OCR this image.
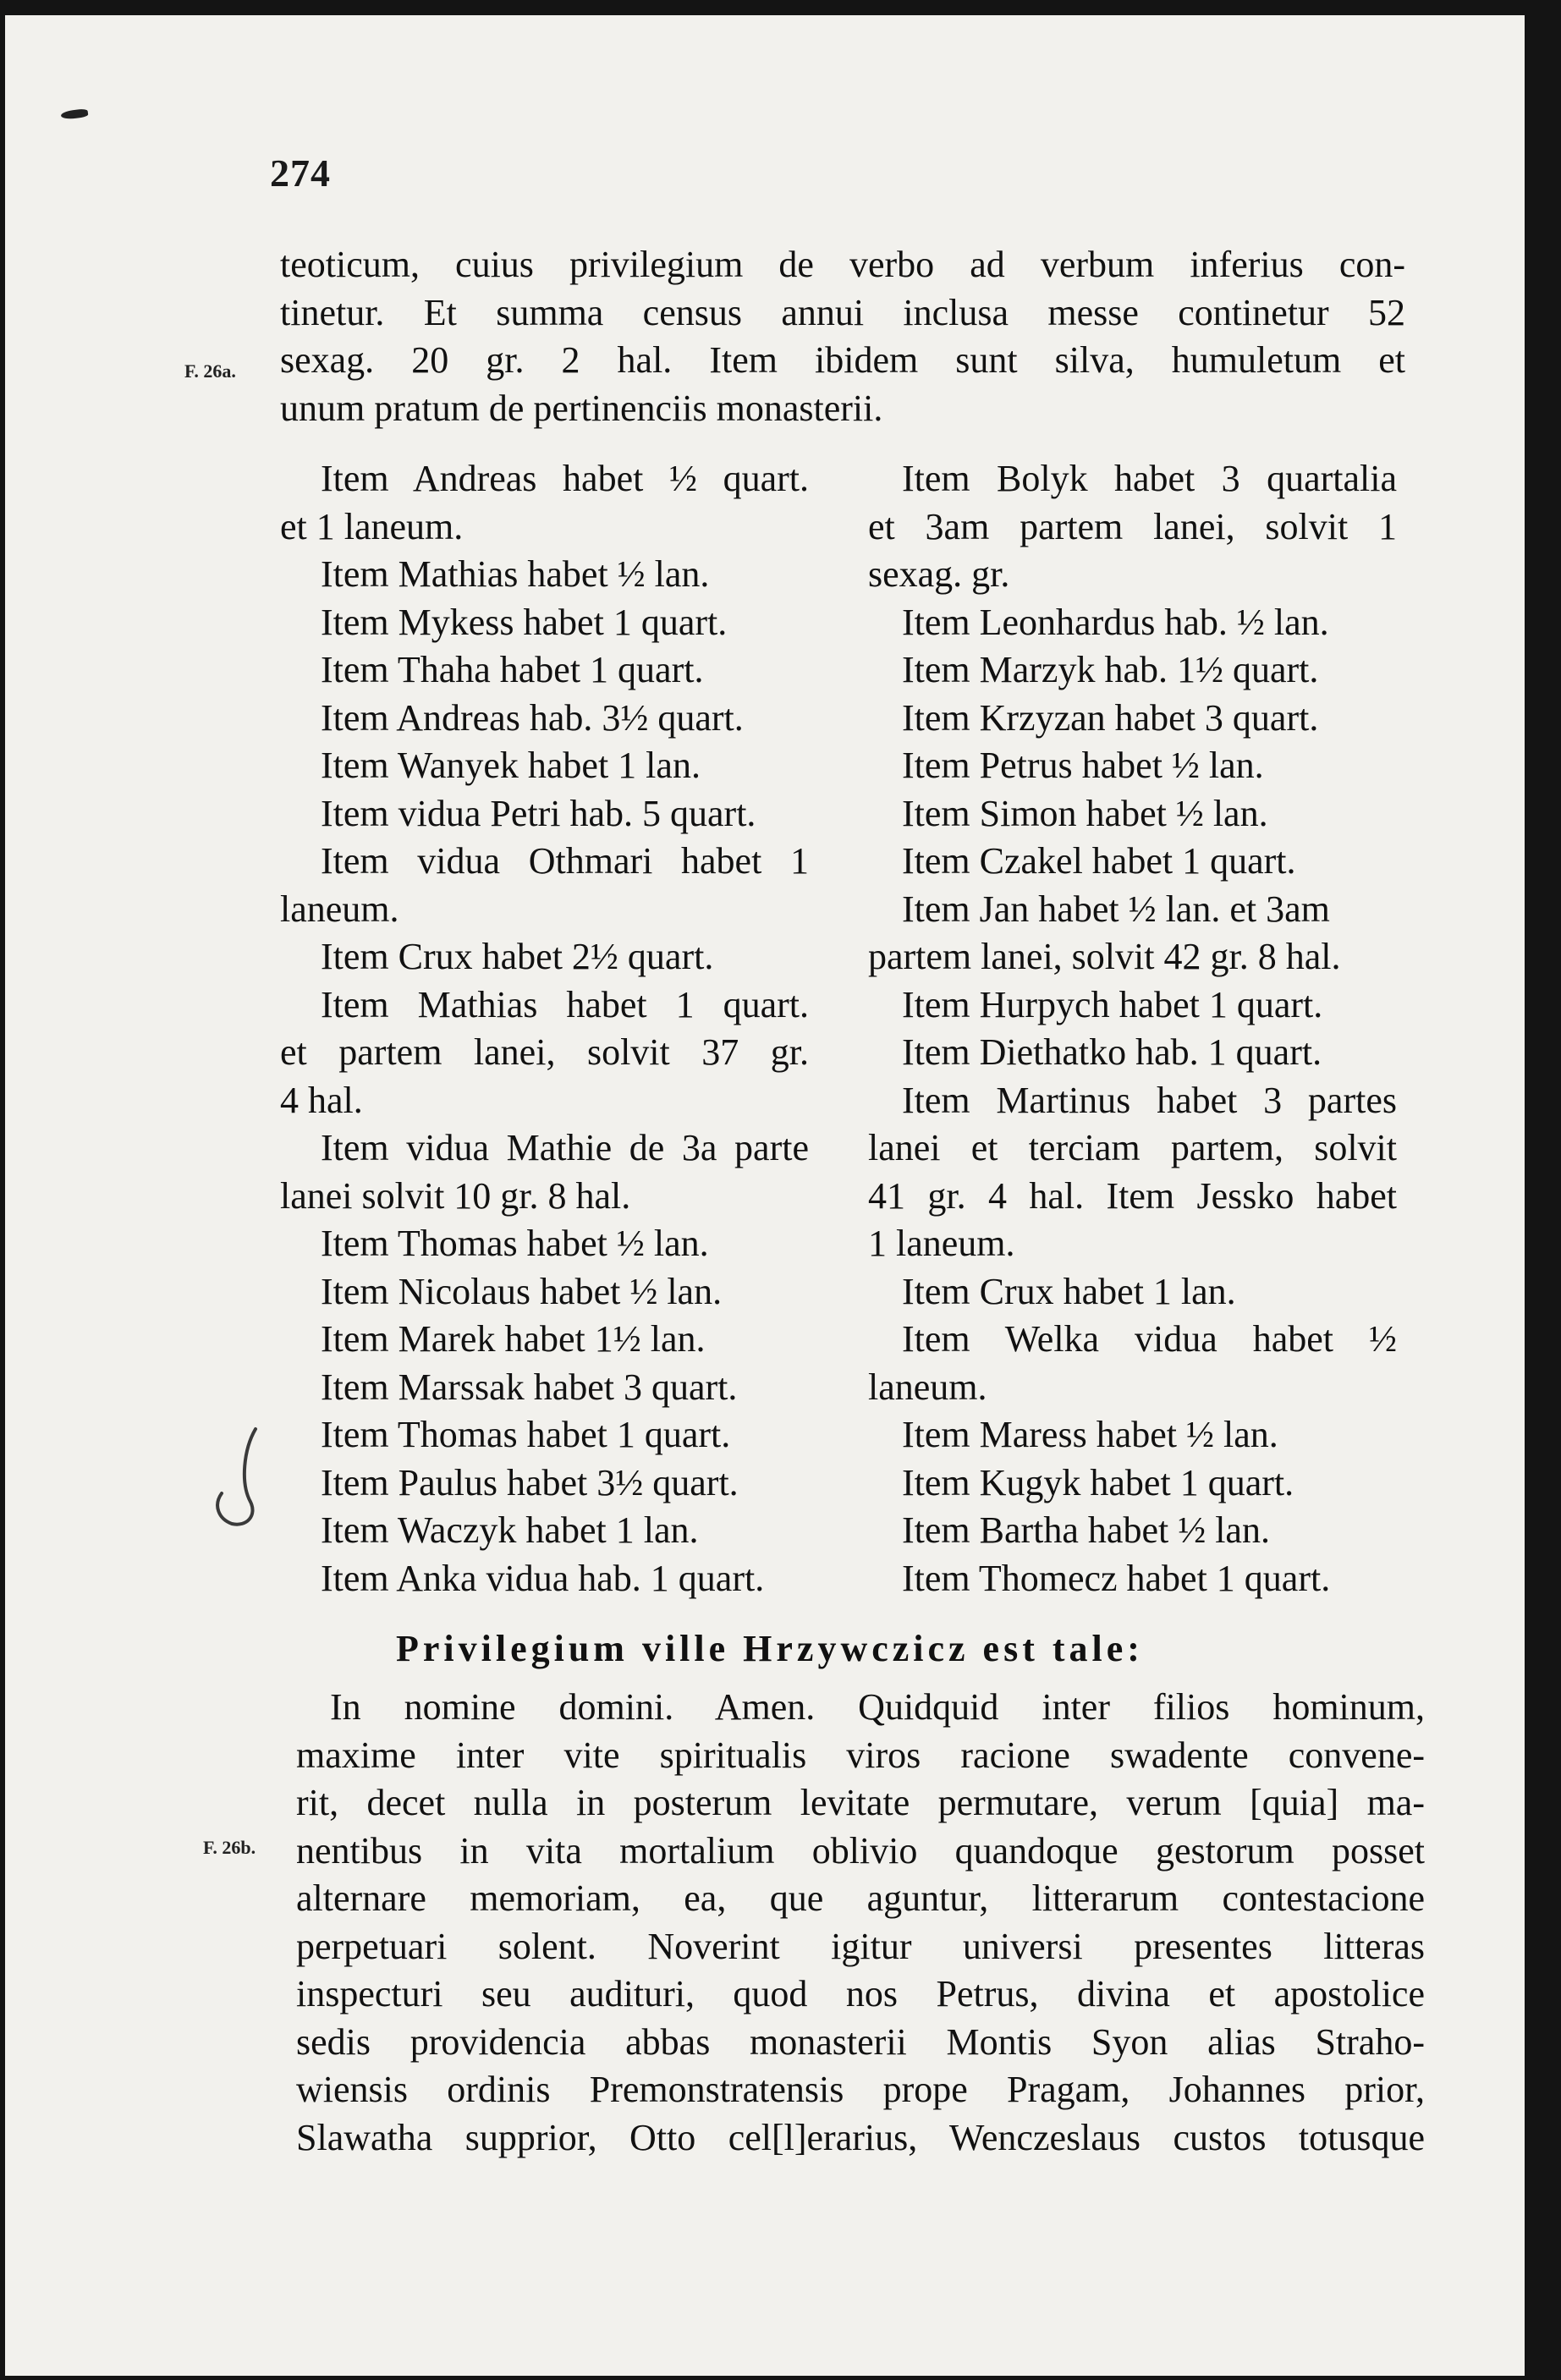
274
F. 26a.
F. 26b.
teoticum, cuius privilegium de verbo ad verbum inferius con-
tinetur. Et summa census annui inclusa messe continetur 52
sexag. 20 gr. 2 hal. Item ibidem sunt silva, humuletum et
unum pratum de pertinenciis monasterii.
Item Andreas habet ½ quart.
et 1 laneum.
Item Mathias habet ½ lan.
Item Mykess habet 1 quart.
Item Thaha habet 1 quart.
Item Andreas hab. 3½ quart.
Item Wanyek habet 1 lan.
Item vidua Petri hab. 5 quart.
Item vidua Othmari habet 1
laneum.
Item Crux habet 2½ quart.
Item Mathias habet 1 quart.
et partem lanei, solvit 37 gr.
4 hal.
Item vidua Mathie de 3a parte
lanei solvit 10 gr. 8 hal.
Item Thomas habet ½ lan.
Item Nicolaus habet ½ lan.
Item Marek habet 1½ lan.
Item Marssak habet 3 quart.
Item Thomas habet 1 quart.
Item Paulus habet 3½ quart.
Item Waczyk habet 1 lan.
Item Anka vidua hab. 1 quart.
Item Bolyk habet 3 quartalia
et 3am partem lanei, solvit 1
sexag. gr.
Item Leonhardus hab. ½ lan.
Item Marzyk hab. 1½ quart.
Item Krzyzan habet 3 quart.
Item Petrus habet ½ lan.
Item Simon habet ½ lan.
Item Czakel habet 1 quart.
Item Jan habet ½ lan. et 3am
partem lanei, solvit 42 gr. 8 hal.
Item Hurpych habet 1 quart.
Item Diethatko hab. 1 quart.
Item Martinus habet 3 partes
lanei et terciam partem, solvit
41 gr. 4 hal. Item Jessko habet
1 laneum.
Item Crux habet 1 lan.
Item Welka vidua habet ½
laneum.
Item Maress habet ½ lan.
Item Kugyk habet 1 quart.
Item Bartha habet ½ lan.
Item Thomecz habet 1 quart.
Privilegium ville Hrzywczicz est tale:
In nomine domini. Amen. Quidquid inter filios hominum,
maxime inter vite spiritualis viros racione swadente convene-
rit, decet nulla in posterum levitate permutare, verum [quia] ma-
nentibus in vita mortalium oblivio quandoque gestorum posset
alternare memoriam, ea, que aguntur, litterarum contestacione
perpetuari solent. Noverint igitur universi presentes litteras
inspecturi seu audituri, quod nos Petrus, divina et apostolice
sedis providencia abbas monasterii Montis Syon alias Straho-
wiensis ordinis Premonstratensis prope Pragam, Johannes prior,
Slawatha supprior, Otto cel[l]erarius, Wenczeslaus custos totusque
